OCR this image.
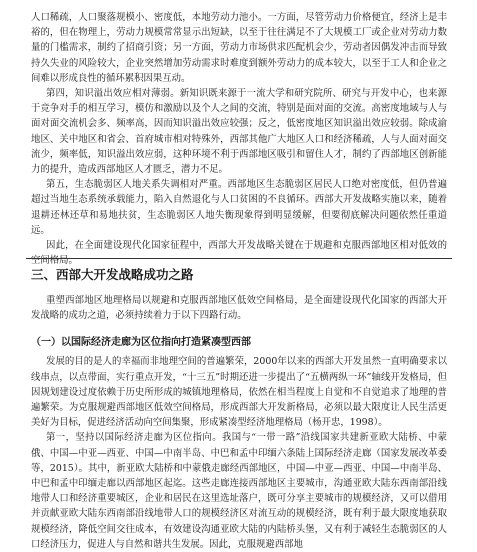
人口稀疏，人口聚落规模小、密度低，本地劳动力池小。一方面，尽管劳动力价格便宜，经济上是丰裕的，但在物理上，劳动力规模常常显示出短缺，以至于往往满足不了大规模工厂或企业对劳动力数量的门槛需求，制约了招商引资；另一方面，劳动力市场供求匹配机会少，劳动者因偶发冲击而导致持久失业的风险较大，企业突然增加劳动需求时难度到额外劳动力的成本较大，以至于工人和企业之间难以形成良性的循环累积因果互动。

第四，知识溢出效应相对薄弱。新知识既来源于一流大学和研究院所、研究与开发中心，也来源于竞争对手的相互学习，模仿和激励以及个人之间的交流，特别是面对面的交流。高密度地域与人与面对面交流机会多、频率高，因而知识溢出效应较强；反之，低密度地区知识溢出效应较弱。除成渝地区、关中地区和省会、首府城市相对特殊外，西部其他广大地区人口和经济稀疏，人与人面对面交流少，频率低，知识溢出效应弱，这种环境不利于西部地区吸引和留住人才，制约了西部地区创新能力的提升，造成西部地区人才匮乏，潜力不足。

第五，生态脆弱区人地关系失调相对严重。西部地区生态脆弱区居民人口绝对密度低，但仍普遍超过当地生态系统承载能力，陷入自然退化与人口贫困的不良循环。西部大开发战略实施以来，随着退耕还林还草和易地扶贫，生态脆弱区人地失衡现象得到明显缓解，但要彻底解决问题依然任重道远。

因此，在全面建设现代化国家征程中，西部大开发战略关键在于规避和克服西部地区相对低效的空间格局。

三、西部大开发战略成功之路

重塑西部地区地理格局以规避和克服西部地区低效空间格局，是全面建设现代化国家的西部大开发战略的成功之道，必须持续着力于以下四路行动。

（一）以国际经济走廊为区位指向打造紧凑型西部

发展的目的是人的幸福而非地理空间的普遍繁荣，2000年以来的西部大开发虽然一直明确要求以线串点，以点带面，实行重点开发，“十三五”时期还进一步提出了“五横两纵一环”轴线开发格局，但因规划建设过度依赖于历史所形成的城镇地理格局，依然在相当程度上自觉和不自觉追求了地理的普遍繁荣。为克服规避西部地区低效空间格局，形成西部大开发新格局，必须以最大限度让人民生活更美好为目标，促进经济活动向空间集聚，形成紧凑型经济地理格局（杨开忠，1998）。

第一，坚持以国际经济走廊为区位指向。我国与“一带一路”沿线国家共建新亚欧大陆桥、中蒙俄、中国—中亚—西亚、中国—中南半岛、中巴和孟中印缅六条陆上国际经济走廊（国家发展改革委等，2015）。其中，新亚欧大陆桥和中蒙俄走廊经西部地区，中国—中亚—西亚、中国—中南半岛、中巴和孟中印缅走廊以西部地区起迄。这些走廊连接西部地区主要城市，沟通亚欧大陆东西南部沿线地带人口和经济重要城区，企业和居民在这里选址落户，既可分享主要城市的规模经济，又可以借用并贡献亚欧大陆东西南部沿线地带人口的规模经济区对流互动的规模经济，既有利于最大限度地获取规模经济，降低空间交往成本，有效建设沟通亚欧大陆的内陆桥头堡，又有利于减轻生态脆弱区的人口经济压力，促进人与自然和谐共生发展。因此，克服规避西部地
